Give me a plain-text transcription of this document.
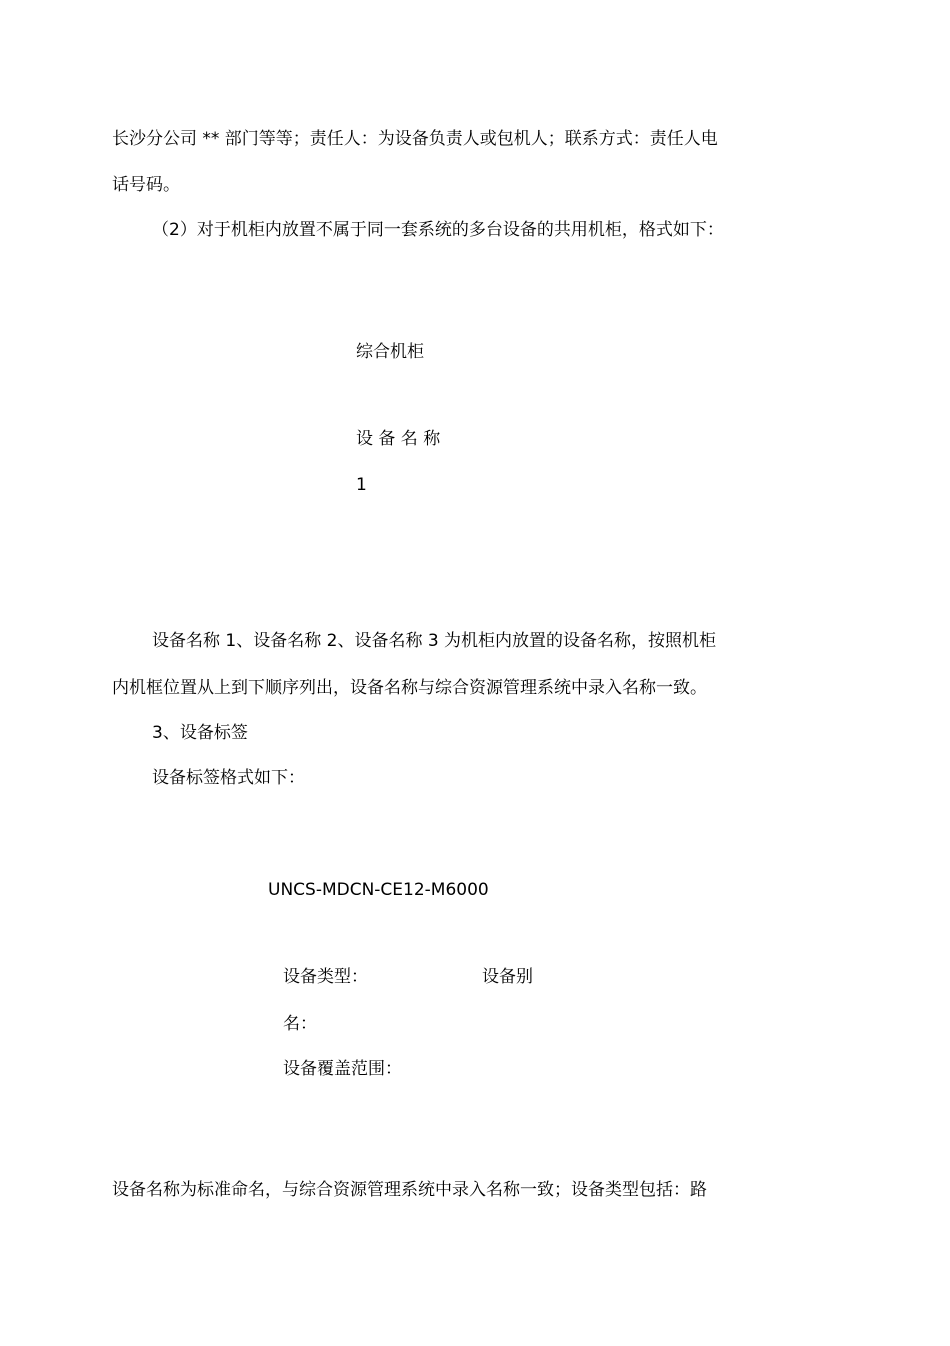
长沙分公司 ** 部门等等；责任人：为设备负责人或包机人；联系方式：责任人电
话号码。
（2）对于机柜内放置不属于同一套系统的多台设备的共用机柜，格式如下：
综合机柜
设 备 名 称
1
设备名称 1、设备名称 2、设备名称 3 为机柜内放置的设备名称，按照机柜
内机框位置从上到下顺序列出，设备名称与综合资源管理系统中录入名称一致。
3、设备标签
设备标签格式如下：
UNCS-MDCN-CE12-M6000
设备类型：	设备别
名：
设备覆盖范围：
设备名称为标准命名，与综合资源管理系统中录入名称一致；设备类型包括：路
